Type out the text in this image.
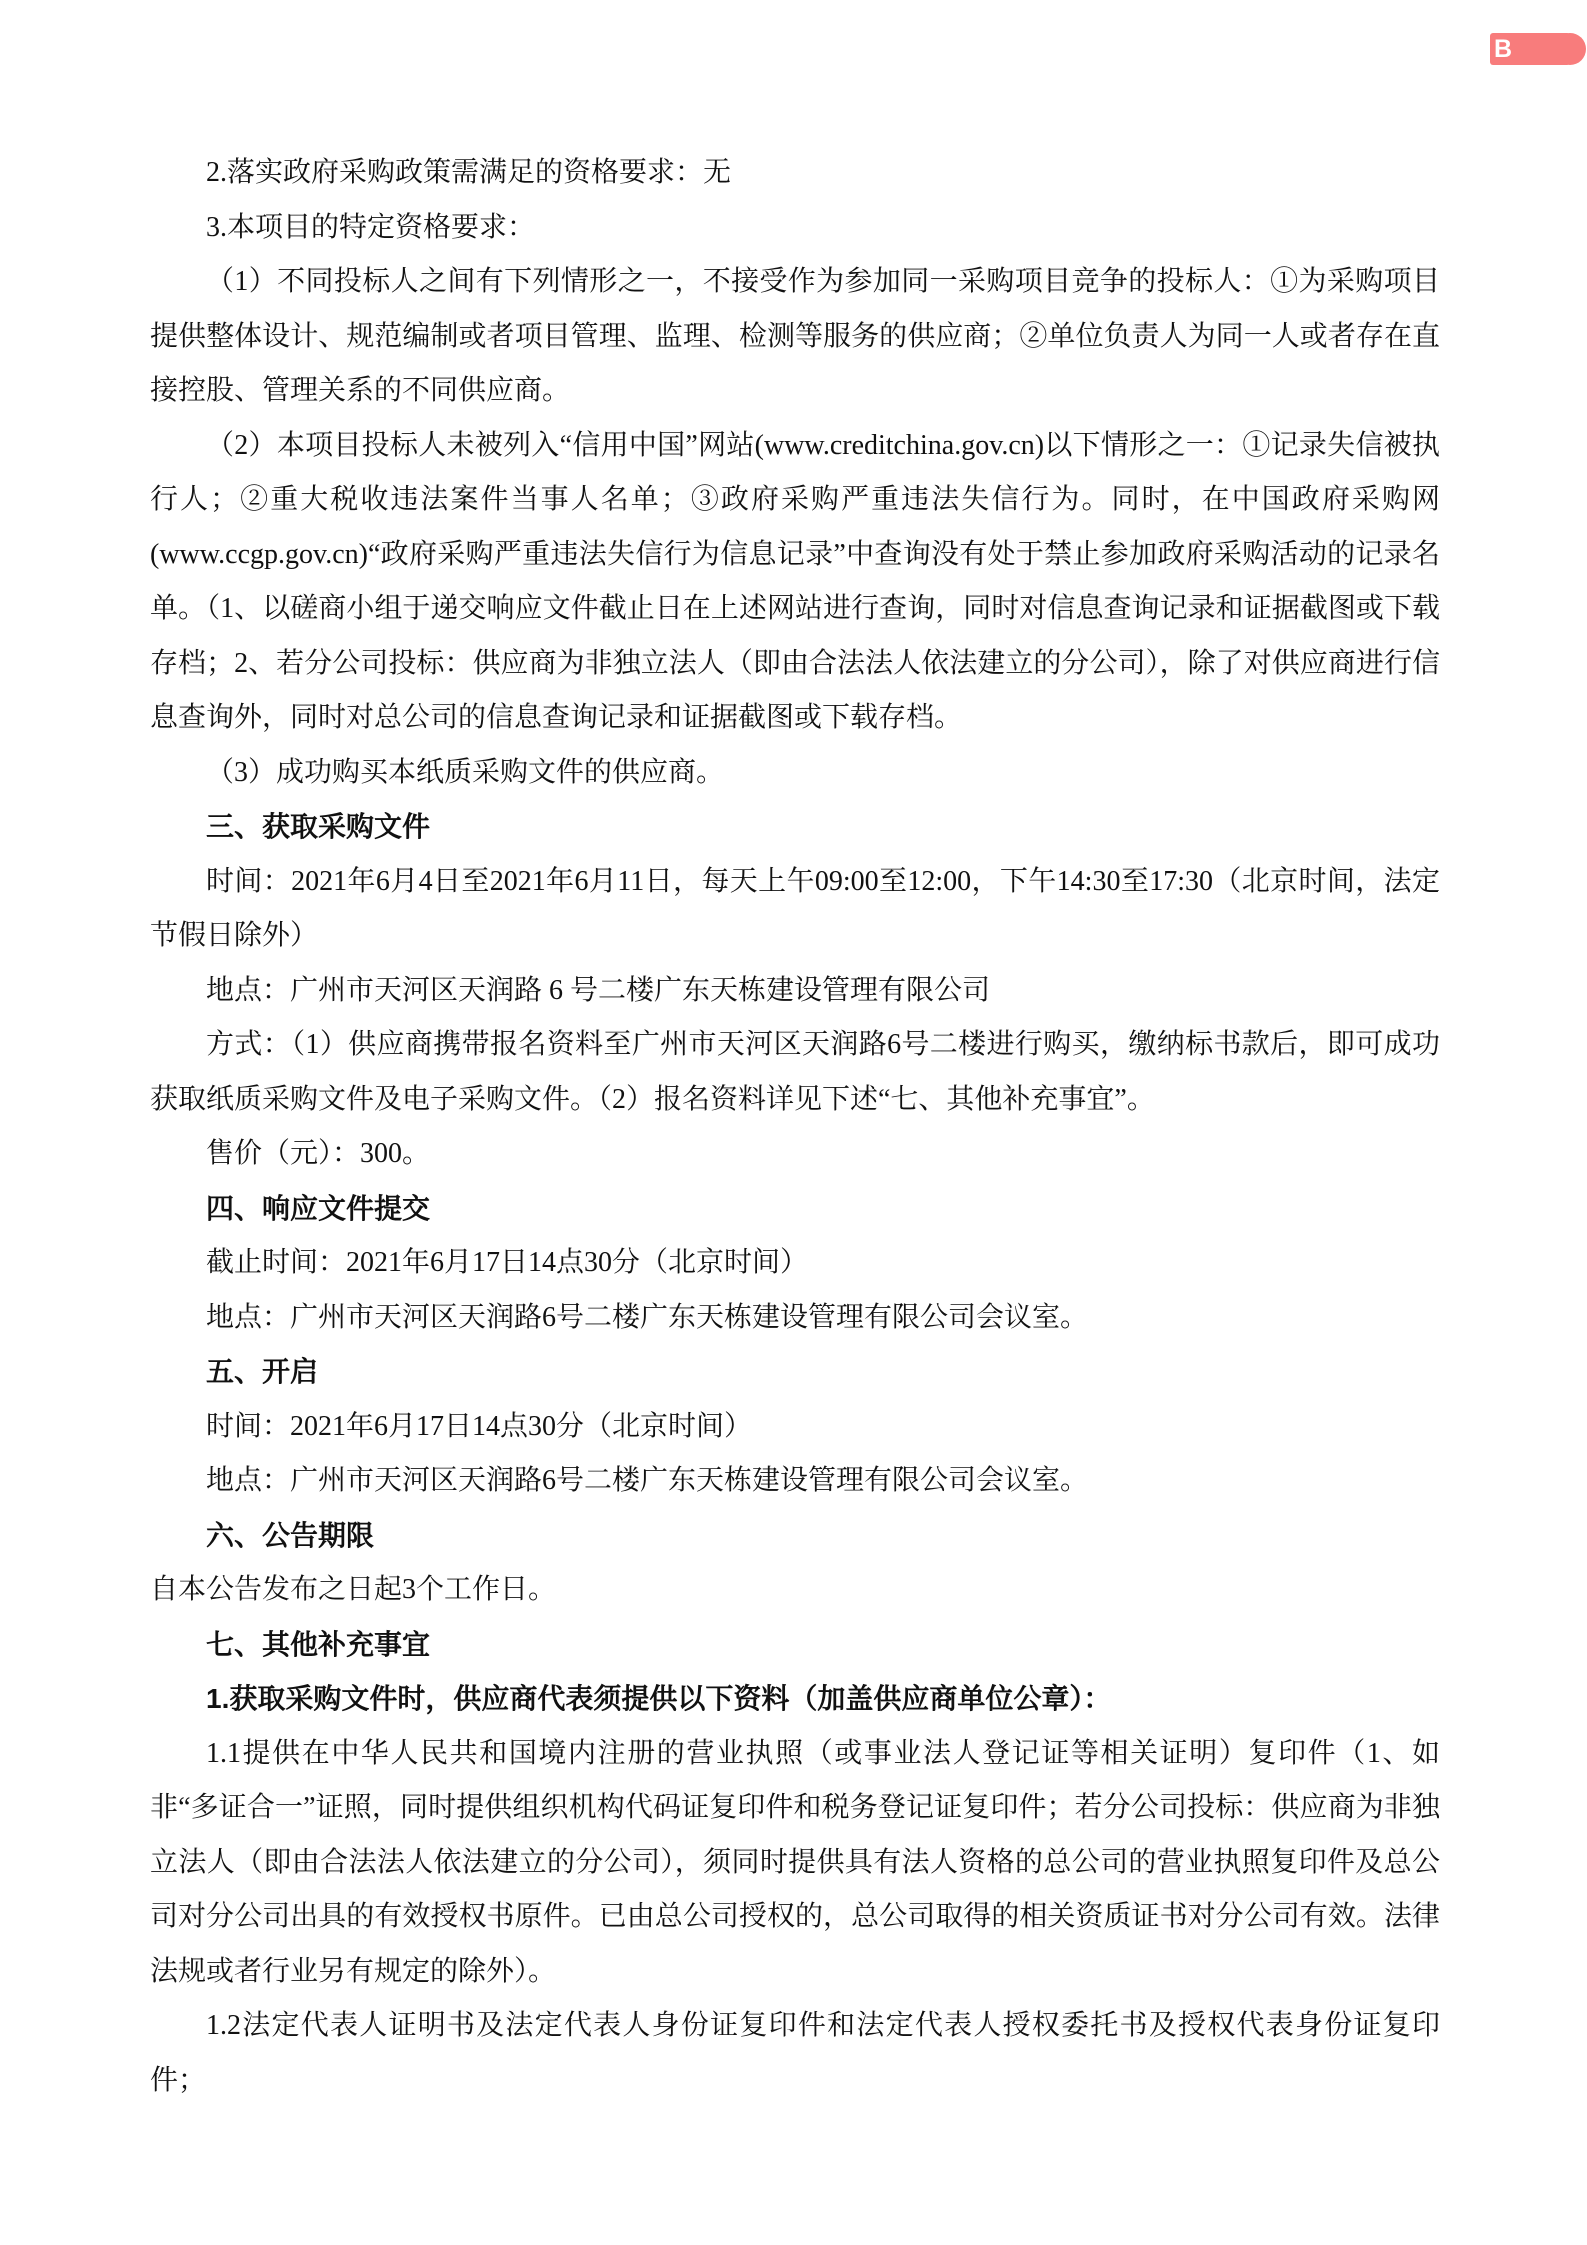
B

2.落实政府采购政策需满足的资格要求：无

3.本项目的特定资格要求：

（1）不同投标人之间有下列情形之一，不接受作为参加同一采购项目竞争的投标人：①为采购项目提供整体设计、规范编制或者项目管理、监理、检测等服务的供应商；②单位负责人为同一人或者存在直接控股、管理关系的不同供应商。

（2）本项目投标人未被列入“信用中国”网站(www.creditchina.gov.cn)以下情形之一：①记录失信被执行人；②重大税收违法案件当事人名单；③政府采购严重违法失信行为。同时，在中国政府采购网(www.ccgp.gov.cn)“政府采购严重违法失信行为信息记录”中查询没有处于禁止参加政府采购活动的记录名单。（1、以磋商小组于递交响应文件截止日在上述网站进行查询，同时对信息查询记录和证据截图或下载存档；2、若分公司投标：供应商为非独立法人（即由合法法人依法建立的分公司），除了对供应商进行信息查询外，同时对总公司的信息查询记录和证据截图或下载存档。

（3）成功购买本纸质采购文件的供应商。

三、获取采购文件

时间：2021年6月4日至2021年6月11日，每天上午09:00至12:00，下午14:30至17:30（北京时间，法定节假日除外）

地点：广州市天河区天润路 6 号二楼广东天栋建设管理有限公司

方式：（1）供应商携带报名资料至广州市天河区天润路6号二楼进行购买，缴纳标书款后，即可成功获取纸质采购文件及电子采购文件。（2）报名资料详见下述“七、其他补充事宜”。

售价（元）：300。

四、响应文件提交

截止时间：2021年6月17日14点30分（北京时间）

地点：广州市天河区天润路6号二楼广东天栋建设管理有限公司会议室。

五、开启

时间：2021年6月17日14点30分（北京时间）

地点：广州市天河区天润路6号二楼广东天栋建设管理有限公司会议室。

六、公告期限

自本公告发布之日起3个工作日。

七、其他补充事宜

1.获取采购文件时，供应商代表须提供以下资料（加盖供应商单位公章）：

1.1提供在中华人民共和国境内注册的营业执照（或事业法人登记证等相关证明）复印件（1、如非“多证合一”证照，同时提供组织机构代码证复印件和税务登记证复印件；若分公司投标：供应商为非独立法人（即由合法法人依法建立的分公司），须同时提供具有法人资格的总公司的营业执照复印件及总公司对分公司出具的有效授权书原件。已由总公司授权的，总公司取得的相关资质证书对分公司有效。法律法规或者行业另有规定的除外）。

1.2法定代表人证明书及法定代表人身份证复印件和法定代表人授权委托书及授权代表身份证复印件；
